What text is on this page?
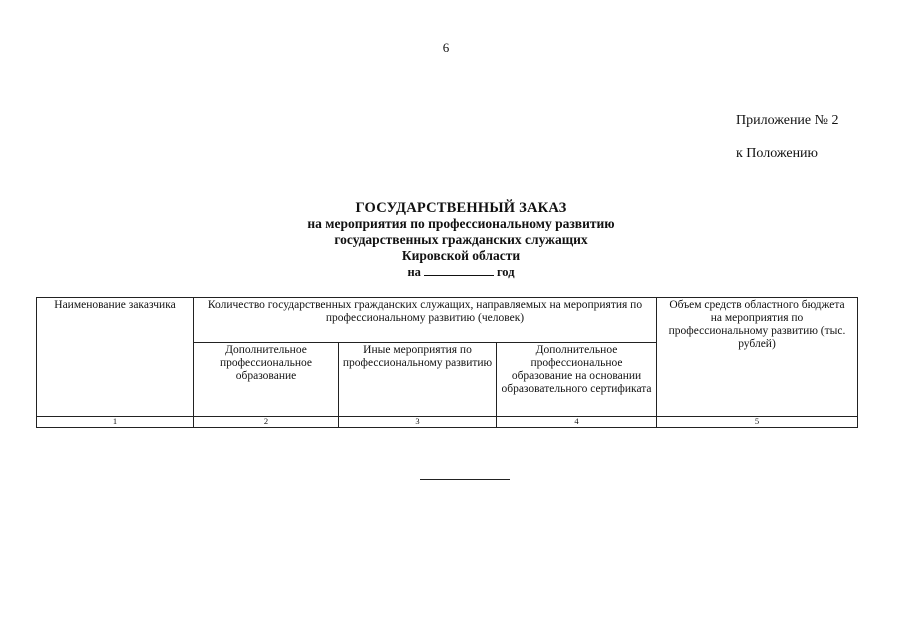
6
Приложение № 2
к Положению
ГОСУДАРСТВЕННЫЙ ЗАКАЗ
на мероприятия по профессиональному развитию
государственных гражданских служащих
Кировской области
на	год
Наименование заказчика	Количество государственных гражданских служащих, направляемых на мероприятия по профессиональному развитию (человек)			Объем средств областного бюджета на мероприятия по профессиональному развитию (тыс. рублей)
	Дополнительное профессиональное образование	Иные мероприятия по профессиональному развитию	Дополнительное профессиональное образование на основании образовательного сертификата	
1	2	3	4	5
